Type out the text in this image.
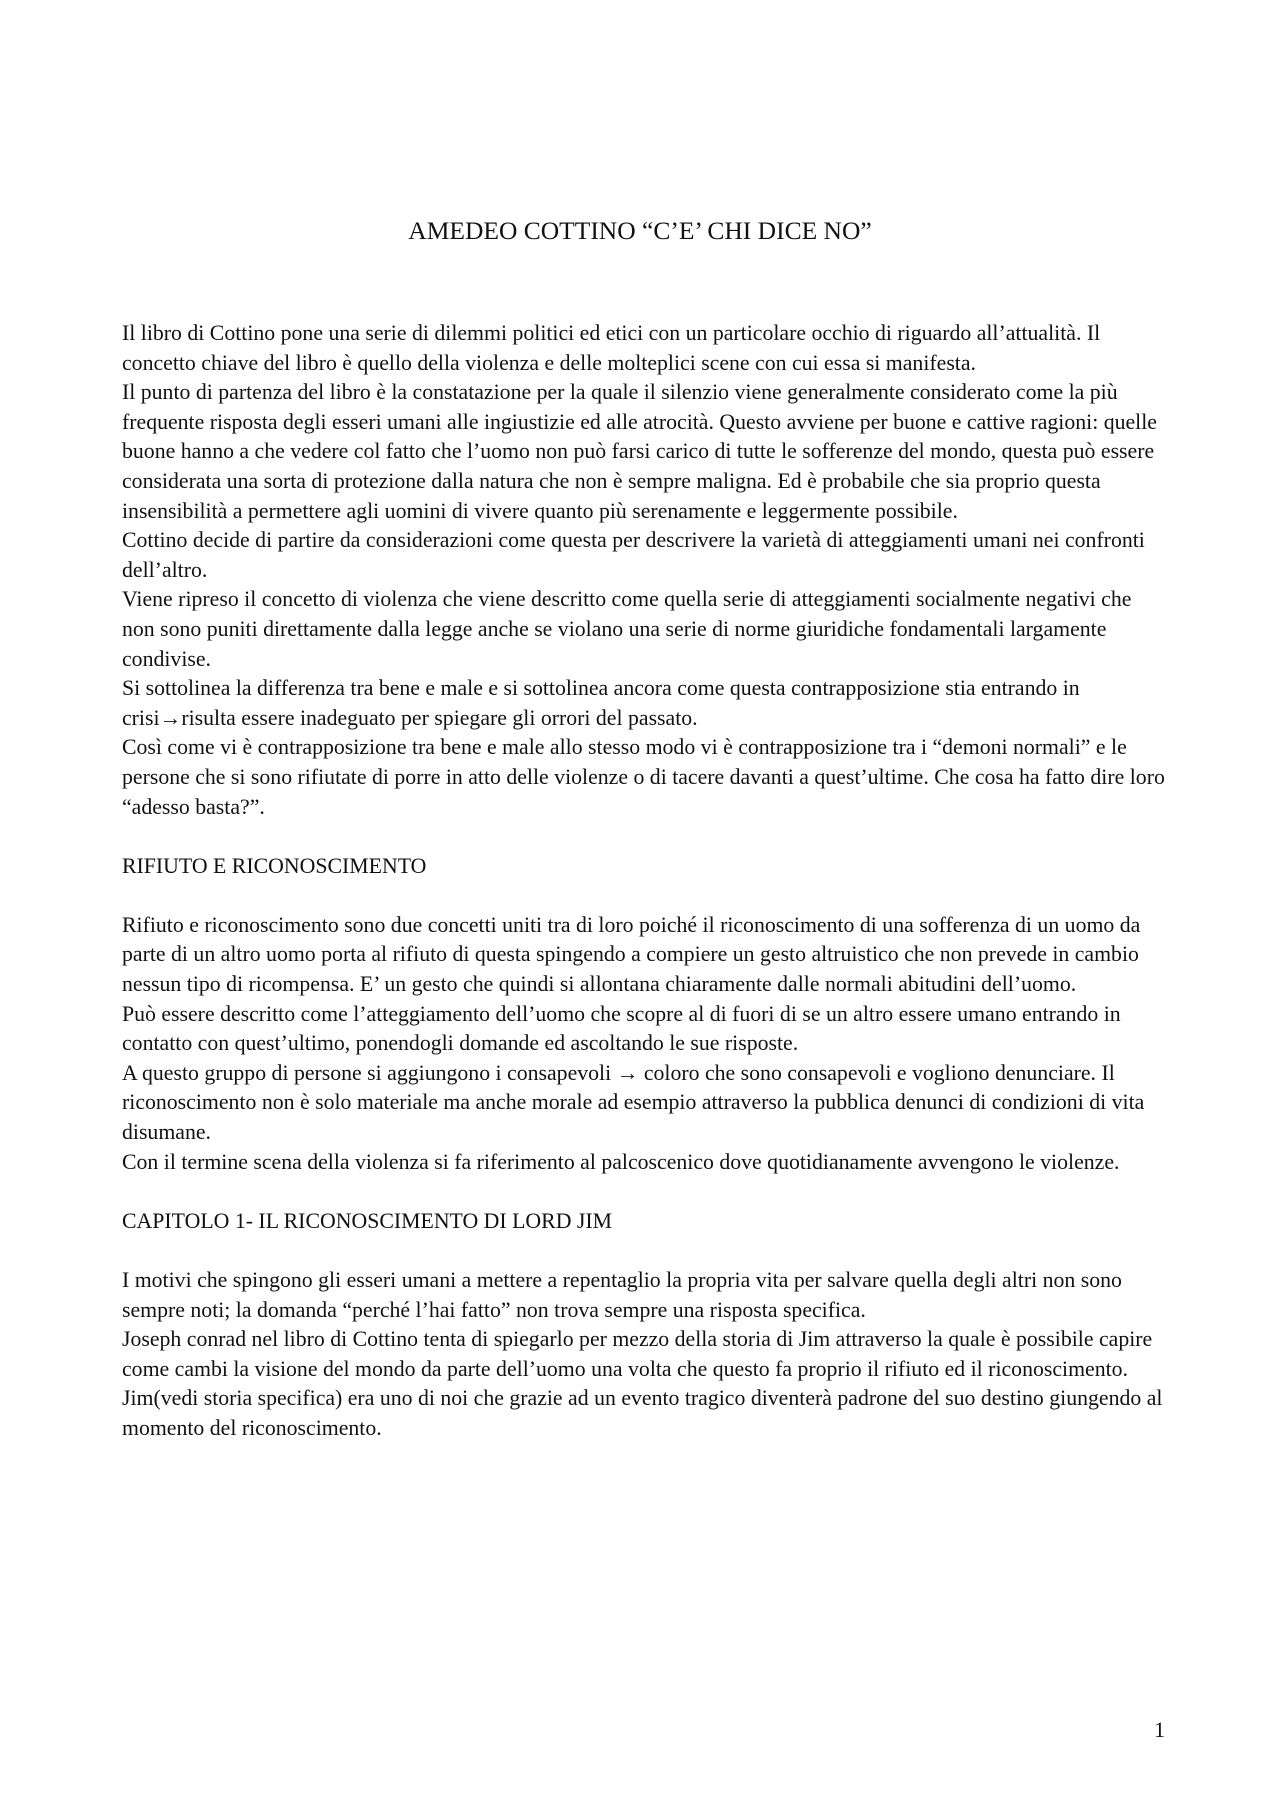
AMEDEO COTTINO “C’E’ CHI DICE NO”

Il libro di Cottino pone una serie di dilemmi politici ed etici con un particolare occhio di riguardo all’attualità. Il concetto chiave del libro è quello della violenza e delle molteplici scene con cui essa si manifesta.

Il punto di partenza del libro è la constatazione per la quale il silenzio viene generalmente considerato come la più frequente risposta degli esseri umani alle ingiustizie ed alle atrocità. Questo avviene per buone e cattive ragioni: quelle buone hanno a che vedere col fatto che l’uomo non può farsi carico di tutte le sofferenze del mondo, questa può essere considerata una sorta di protezione dalla natura che non è sempre maligna. Ed è probabile che sia proprio questa insensibilità a permettere agli uomini di vivere quanto più serenamente e leggermente possibile.

Cottino decide di partire da considerazioni come questa per descrivere la varietà di atteggiamenti umani nei confronti dell’altro.

Viene ripreso il concetto di violenza che viene descritto come quella serie di atteggiamenti socialmente negativi che non sono puniti direttamente dalla legge anche se violano una serie di norme giuridiche fondamentali largamente condivise.

Si sottolinea la differenza tra bene e male e si sottolinea ancora come questa contrapposizione stia entrando in crisi→risulta essere inadeguato per spiegare gli orrori del passato.

Così come vi è contrapposizione tra bene e male allo stesso modo vi è contrapposizione tra i “demoni normali” e le persone che si sono rifiutate di porre in atto delle violenze o di tacere davanti a quest’ultime. Che cosa ha fatto dire loro “adesso basta?”.

RIFIUTO E RICONOSCIMENTO

Rifiuto e riconoscimento sono due concetti uniti tra di loro poiché il riconoscimento di una sofferenza di un uomo da parte di un altro uomo porta al rifiuto di questa spingendo a compiere un gesto altruistico che non prevede in cambio nessun tipo di ricompensa. E’ un gesto che quindi si allontana chiaramente dalle normali abitudini dell’uomo.

Può essere descritto come l’atteggiamento dell’uomo che scopre al di fuori di se un altro essere umano entrando in contatto con quest’ultimo, ponendogli domande ed ascoltando le sue risposte.

A questo gruppo di persone si aggiungono i consapevoli → coloro che sono consapevoli e vogliono denunciare. Il riconoscimento non è solo materiale ma anche morale ad esempio attraverso la pubblica denunci di condizioni di vita disumane.

Con il termine scena della violenza si fa riferimento al palcoscenico dove quotidianamente avvengono le violenze.

CAPITOLO 1- IL RICONOSCIMENTO DI LORD JIM

I motivi che spingono gli esseri umani a mettere a repentaglio la propria vita per salvare quella degli altri non sono sempre noti; la domanda “perché l’hai fatto” non trova sempre una risposta specifica.

Joseph conrad nel libro di Cottino tenta di spiegarlo per mezzo della storia di Jim attraverso la quale è possibile capire come cambi la visione del mondo da parte dell’uomo una volta che questo fa proprio il rifiuto ed il riconoscimento.

Jim(vedi storia specifica) era uno di noi che grazie ad un evento tragico diventerà padrone del suo destino giungendo al momento del riconoscimento.

1
